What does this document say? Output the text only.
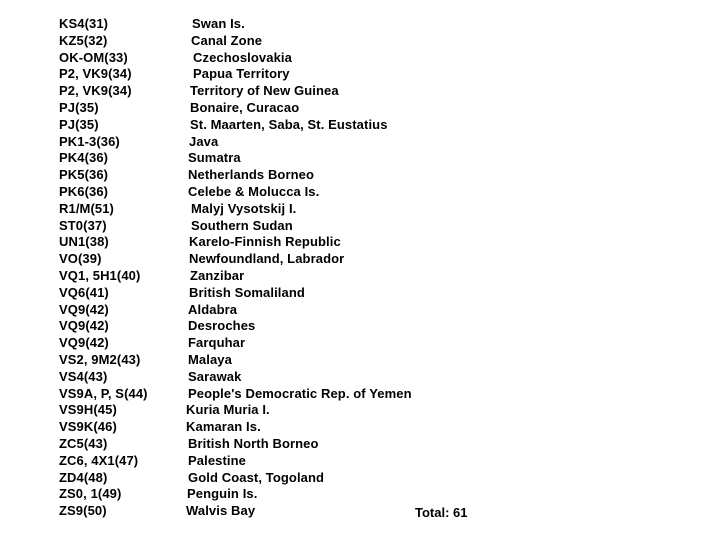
KS4(31)
KZ5(32)
OK-OM(33)
P2, VK9(34)
P2, VK9(34)
PJ(35)
PJ(35)
PK1-3(36)
PK4(36)
PK5(36)
PK6(36)
R1/M(51)
ST0(37)
UN1(38)
VO(39)
VQ1, 5H1(40)
VQ6(41)
VQ9(42)
VQ9(42)
VQ9(42)
VS2, 9M2(43)
VS4(43)
VS9A, P, S(44)
VS9H(45)
VS9K(46)
ZC5(43)
ZC6, 4X1(47)
ZD4(48)
ZS0, 1(49)
ZS9(50)
Swan Is.
Canal Zone
Czechoslovakia
Papua Territory
Territory of New Guinea
Bonaire, Curacao
St. Maarten, Saba, St. Eustatius
Java
Sumatra
Netherlands Borneo
Celebe & Molucca Is.
Malyj Vysotskij I.
Southern Sudan
Karelo-Finnish Republic
Newfoundland, Labrador
Zanzibar
British Somaliland
Aldabra
Desroches
Farquhar
Malaya
Sarawak
People's Democratic Rep. of Yemen
Kuria Muria I.
Kamaran Is.
British North Borneo
Palestine
Gold Coast, Togoland
Penguin Is.
Walvis Bay	Total: 61
